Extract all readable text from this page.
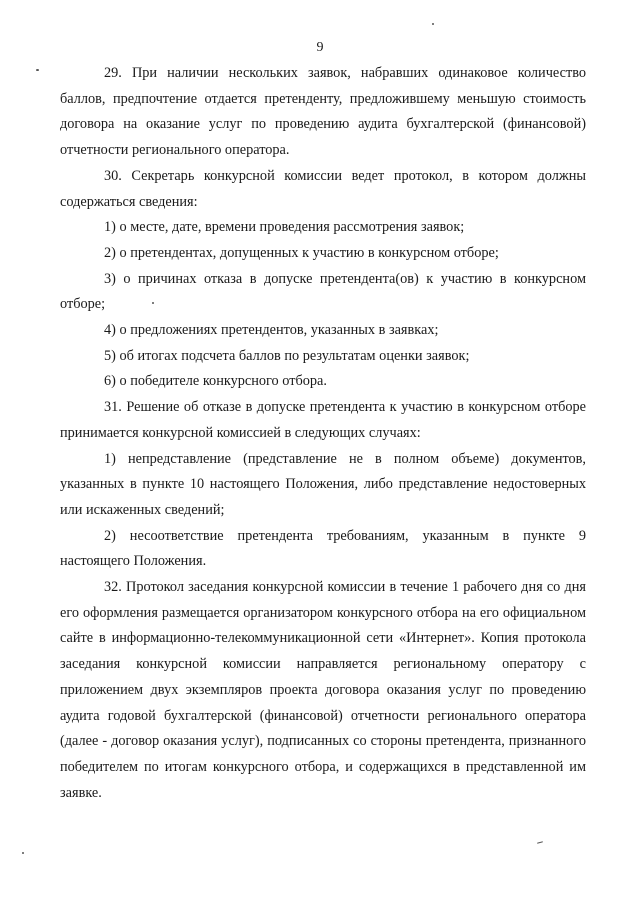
9

29. При наличии нескольких заявок, набравших одинаковое количество баллов, предпочтение отдается претенденту, предложившему меньшую стоимость договора на оказание услуг по проведению аудита бухгалтерской (финансовой) отчетности регионального оператора.

30. Секретарь конкурсной комиссии ведет протокол, в котором должны содержаться сведения:

1) о месте, дате, времени проведения рассмотрения заявок;

2) о претендентах, допущенных к участию в конкурсном отборе;

3) о причинах отказа в допуске претендента(ов) к участию в конкурсном отборе;

4) о предложениях претендентов, указанных в заявках;

5) об итогах подсчета баллов по результатам оценки заявок;

6) о победителе конкурсного отбора.

31. Решение об отказе в допуске претендента к участию в конкурсном отборе принимается конкурсной комиссией в следующих случаях:

1) непредставление (представление не в полном объеме) документов, указанных в пункте 10 настоящего Положения, либо представление недостоверных или искаженных сведений;

2) несоответствие претендента требованиям, указанным в пункте 9 настоящего Положения.

32. Протокол заседания конкурсной комиссии в течение 1 рабочего дня со дня его оформления размещается организатором конкурсного отбора на его официальном сайте в информационно-телекоммуникационной сети «Интернет». Копия протокола заседания конкурсной комиссии направляется региональному оператору с приложением двух экземпляров проекта договора оказания услуг по проведению аудита годовой бухгалтерской (финансовой) отчетности регионального оператора (далее - договор оказания услуг), подписанных со стороны претендента, признанного победителем по итогам конкурсного отбора, и содержащихся в представленной им заявке.
